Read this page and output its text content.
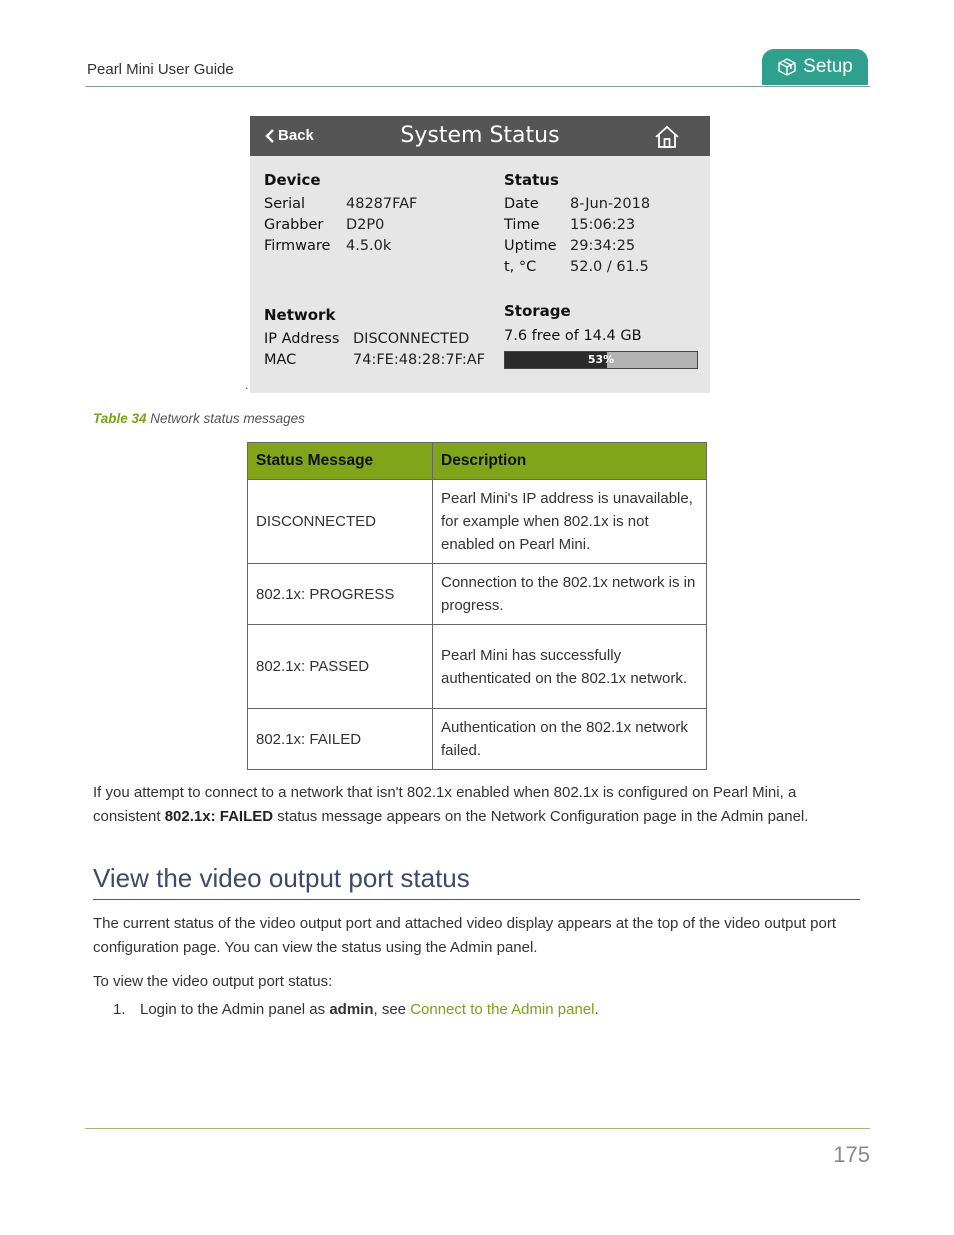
Pearl Mini User Guide	Setup
Back	System Status
Device
Serial	48287FAF
Grabber D2P0
Firmware 4.5.0k
Status
Date 8-Jun-2018
Time 15:06:23
Uptime 29:34:25
t, °C 52.0 / 61.5
Network
IP Address DISCONNECTED
MAC	74:FE:48:28:7F:AF
Storage
7.6 free of 14.4 GB
53%
.
Table 34 Network status messages
Status Message	Description
DISCONNECTED	Pearl Mini's IP address is unavailable, for example when 802.1x is not enabled on Pearl Mini.
802.1x: PROGRESS	Connection to the 802.1x network is in progress.
802.1x: PASSED	Pearl Mini has successfully authenticated on the 802.1x network.
802.1x: FAILED	Authentication on the 802.1x network failed.
If you attempt to connect to a network that isn't 802.1x enabled when 802.1x is configured on Pearl Mini, a consistent 802.1x: FAILED status message appears on the Network Configuration page in the Admin panel.
View the video output port status
The current status of the video output port and attached video display appears at the top of the video output port configuration page. You can view the status using the Admin panel.
To view the video output port status:
1. Login to the Admin panel as admin, see Connect to the Admin panel.
175
